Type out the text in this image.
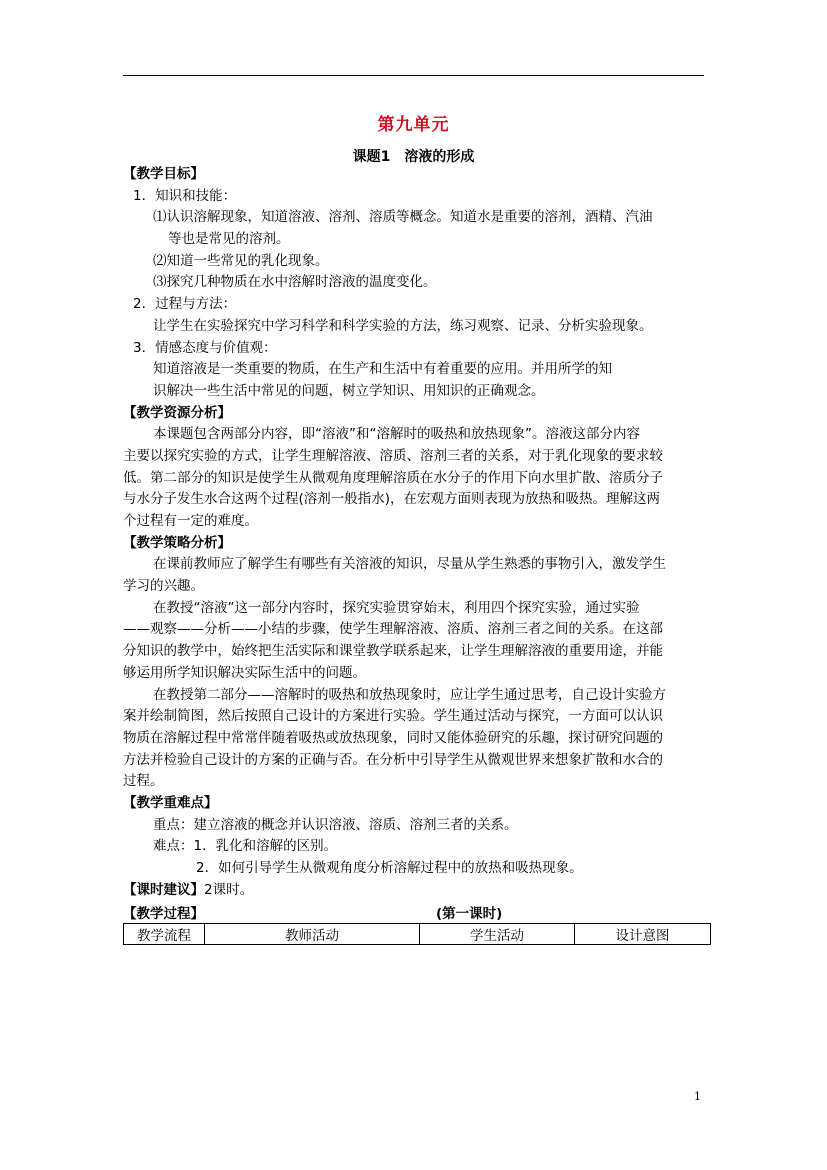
第九单元
课题1　溶液的形成
【教学目标】
1．知识和技能：
⑴认识溶解现象，知道溶液、溶剂、溶质等概念。知道水是重要的溶剂，酒精、汽油
等也是常见的溶剂。
⑵知道一些常见的乳化现象。
⑶探究几种物质在水中溶解时溶液的温度变化。
2．过程与方法：
让学生在实验探究中学习科学和科学实验的方法，练习观察、记录、分析实验现象。
3．情感态度与价值观：
知道溶液是一类重要的物质，在生产和生活中有着重要的应用。并用所学的知
识解决一些生活中常见的问题，树立学知识、用知识的正确观念。
【教学资源分析】
本课题包含两部分内容，即“溶液”和“溶解时的吸热和放热现象”。溶液这部分内容
主要以探究实验的方式，让学生理解溶液、溶质、溶剂三者的关系，对于乳化现象的要求较
低。第二部分的知识是使学生从微观角度理解溶质在水分子的作用下向水里扩散、溶质分子
与水分子发生水合这两个过程(溶剂一般指水)，在宏观方面则表现为放热和吸热。理解这两
个过程有一定的难度。
【教学策略分析】
在课前教师应了解学生有哪些有关溶液的知识，尽量从学生熟悉的事物引入，激发学生
学习的兴趣。
在教授“溶液”这一部分内容时，探究实验贯穿始末，利用四个探究实验，通过实验
——观察——分析——小结的步骤，使学生理解溶液、溶质、溶剂三者之间的关系。在这部
分知识的教学中，始终把生活实际和课堂教学联系起来，让学生理解溶液的重要用途，并能
够运用所学知识解决实际生活中的问题。
在教授第二部分——溶解时的吸热和放热现象时，应让学生通过思考，自己设计实验方
案并绘制简图，然后按照自己设计的方案进行实验。学生通过活动与探究，一方面可以认识
物质在溶解过程中常常伴随着吸热或放热现象，同时又能体验研究的乐趣，探讨研究问题的
方法并检验自己设计的方案的正确与否。在分析中引导学生从微观世界来想象扩散和水合的
过程。
【教学重难点】
重点：建立溶液的概念并认识溶液、溶质、溶剂三者的关系。
难点：1．乳化和溶解的区别。
2．如何引导学生从微观角度分析溶解过程中的放热和吸热现象。
【课时建议】2课时。
【教学过程】	(第一课时)
教学流程	教师活动	学生活动	设计意图
1
